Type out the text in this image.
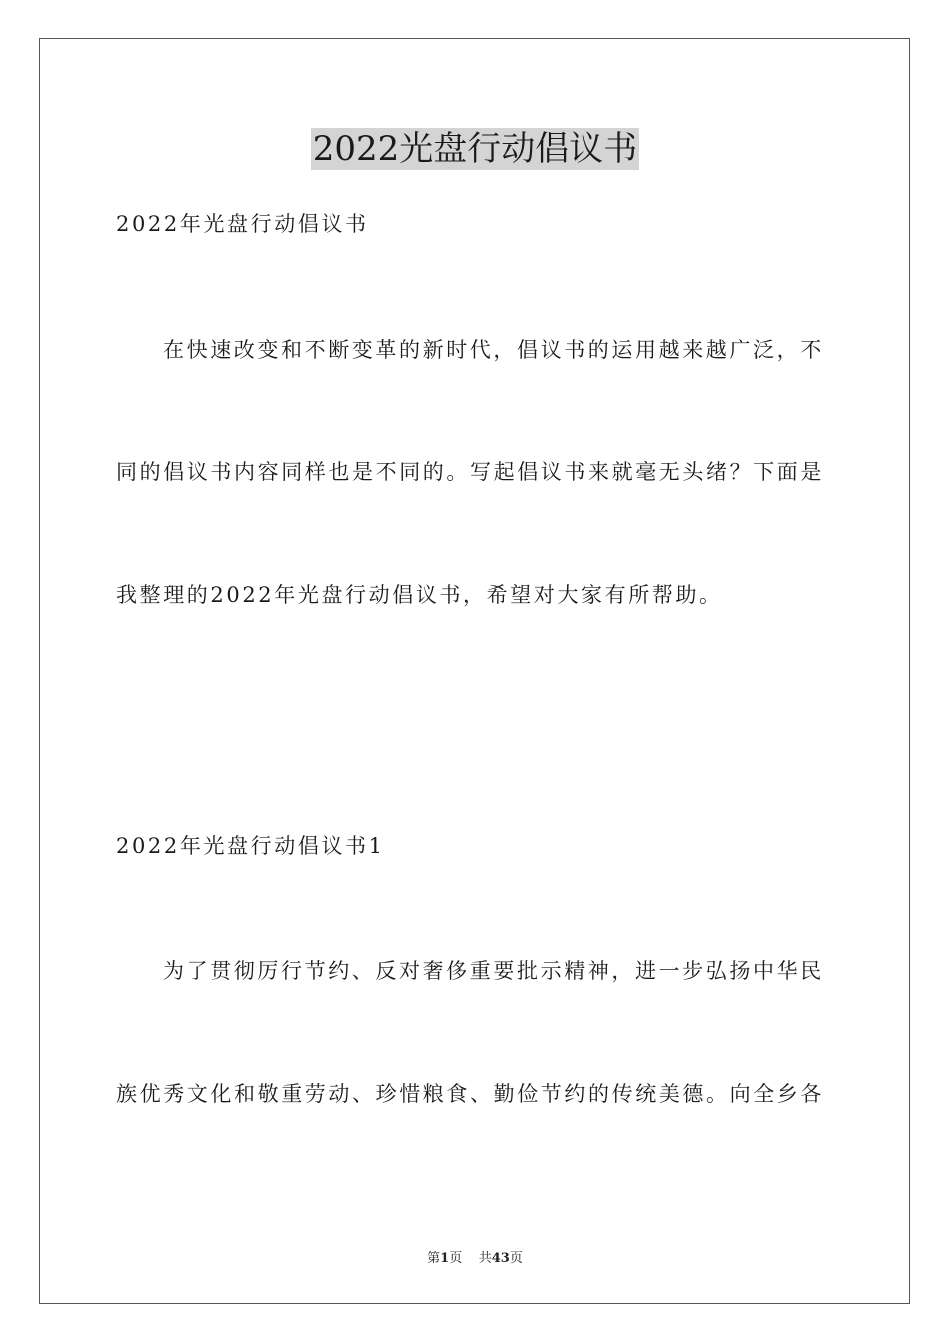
2022光盘行动倡议书
2022年光盘行动倡议书
在快速改变和不断变革的新时代，倡议书的运用越来越广泛，不
同的倡议书内容同样也是不同的。写起倡议书来就毫无头绪？下面是
我整理的2022年光盘行动倡议书，希望对大家有所帮助。
2022年光盘行动倡议书1
为了贯彻厉行节约、反对奢侈重要批示精神，进一步弘扬中华民
族优秀文化和敬重劳动、珍惜粮食、勤俭节约的传统美德。向全乡各
第1页 共43页
